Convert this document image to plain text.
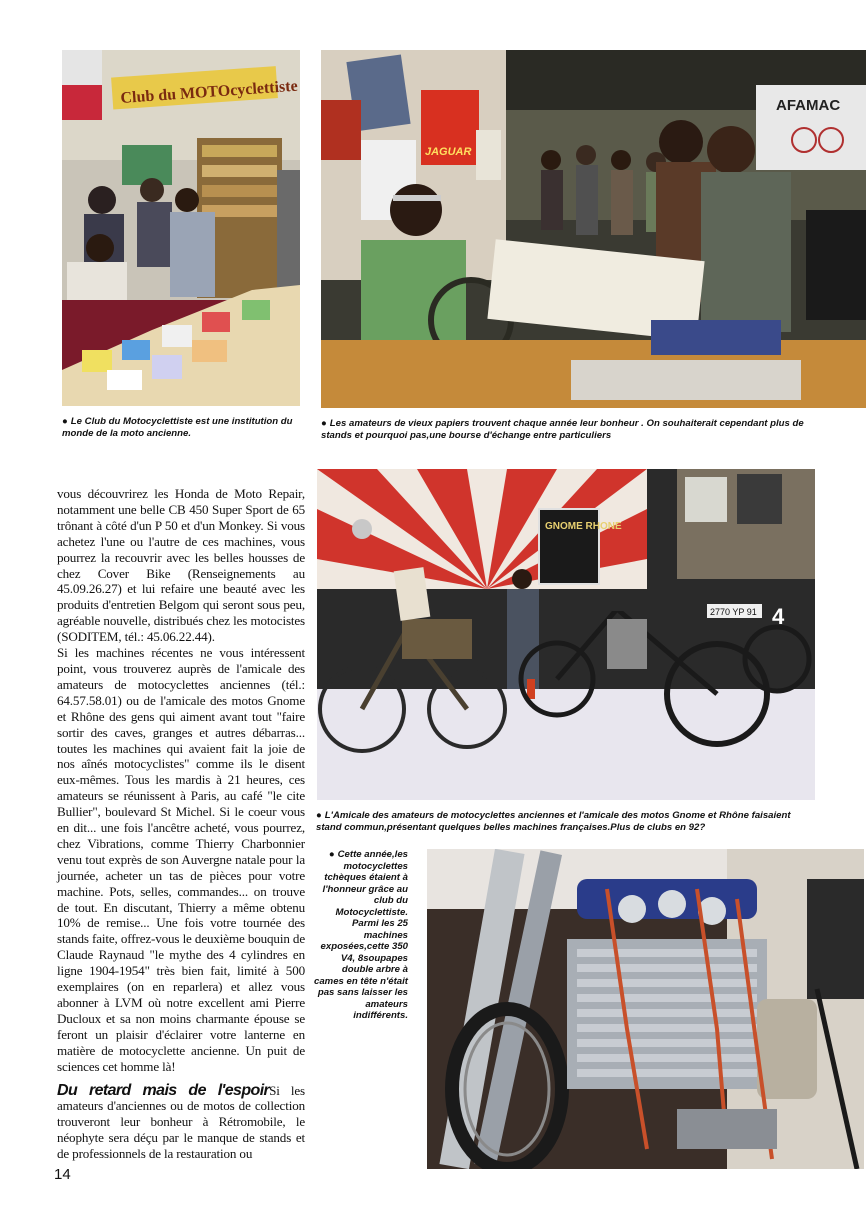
Club du MOTOcyclettiste
JAGUAR
AFAMAC
● Le Club du Motocyclettiste est une institution du monde de la moto ancienne.
● Les amateurs de vieux papiers trouvent chaque année leur bonheur . On souhaiterait cependant plus de stands et pourquoi pas,une bourse d'échange entre particuliers
GNOME RHONE
2770 YP 91 4
● L'Amicale des amateurs de motocyclettes anciennes et l'amicale des motos Gnome et Rhône faisaient stand commun,présentant quelques belles machines françaises.Plus de clubs en 92?
● Cette année,les motocyclettes tchèques étaient à l'honneur grâce au club du Motocyclettiste. Parmi les 25 machines exposées,cette 350 V4, 8soupapes double arbre à cames en tête n'était pas sans laisser les amateurs indifférents.

vous découvrirez les Honda de Moto Repair, notamment une belle CB 450 Super Sport de 65 trônant à côté d'un P 50 et d'un Monkey. Si vous achetez l'une ou l'autre de ces machines, vous pourrez la recouvrir avec les belles housses de chez Cover Bike (Renseignements au 45.09.26.27) et lui refaire une beauté avec les produits d'entretien Belgom qui seront sous peu, agréable nouvelle, distribués chez les motocistes (SODITEM, tél.: 45.06.22.44).

Si les machines récentes ne vous intéressent point, vous trouverez auprès de l'amicale des amateurs de motocyclettes anciennes (tél.: 64.57.58.01) ou de l'amicale des motos Gnome et Rhône des gens qui aiment avant tout "faire sortir des caves, granges et autres débarras... toutes les machines qui avaient fait la joie de nos aînés motocyclistes" comme ils le disent eux-mêmes. Tous les mardis à 21 heures, ces amateurs se réunissent à Paris, au café "le cite Bullier", boulevard St Michel. Si le coeur vous en dit... une fois l'ancêtre acheté, vous pourrez, chez Vibrations, comme Thierry Charbonnier venu tout exprès de son Auvergne natale pour la journée, acheter un tas de pièces pour votre machine. Pots, selles, commandes... on trouve de tout. En discutant, Thierry a même obtenu 10% de remise... Une fois votre tournée des stands faite, offrez-vous le deuxième bouquin de Claude Raynaud "le mythe des 4 cylindres en ligne 1904-1954" très bien fait, limité à 500 exemplaires (on en reparlera) et allez vous abonner à LVM où notre excellent ami Pierre Ducloux et sa non moins charmante épouse se feront un plaisir d'éclairer votre lanterne en matière de motocyclette ancienne. Un puit de sciences cet homme là!

Du retard mais de l'espoirSi les amateurs d'anciennes ou de motos de collection trouveront leur bonheur à Rétromobile, le néophyte sera déçu par le manque de stands et de professionnels de la restauration ou

14
